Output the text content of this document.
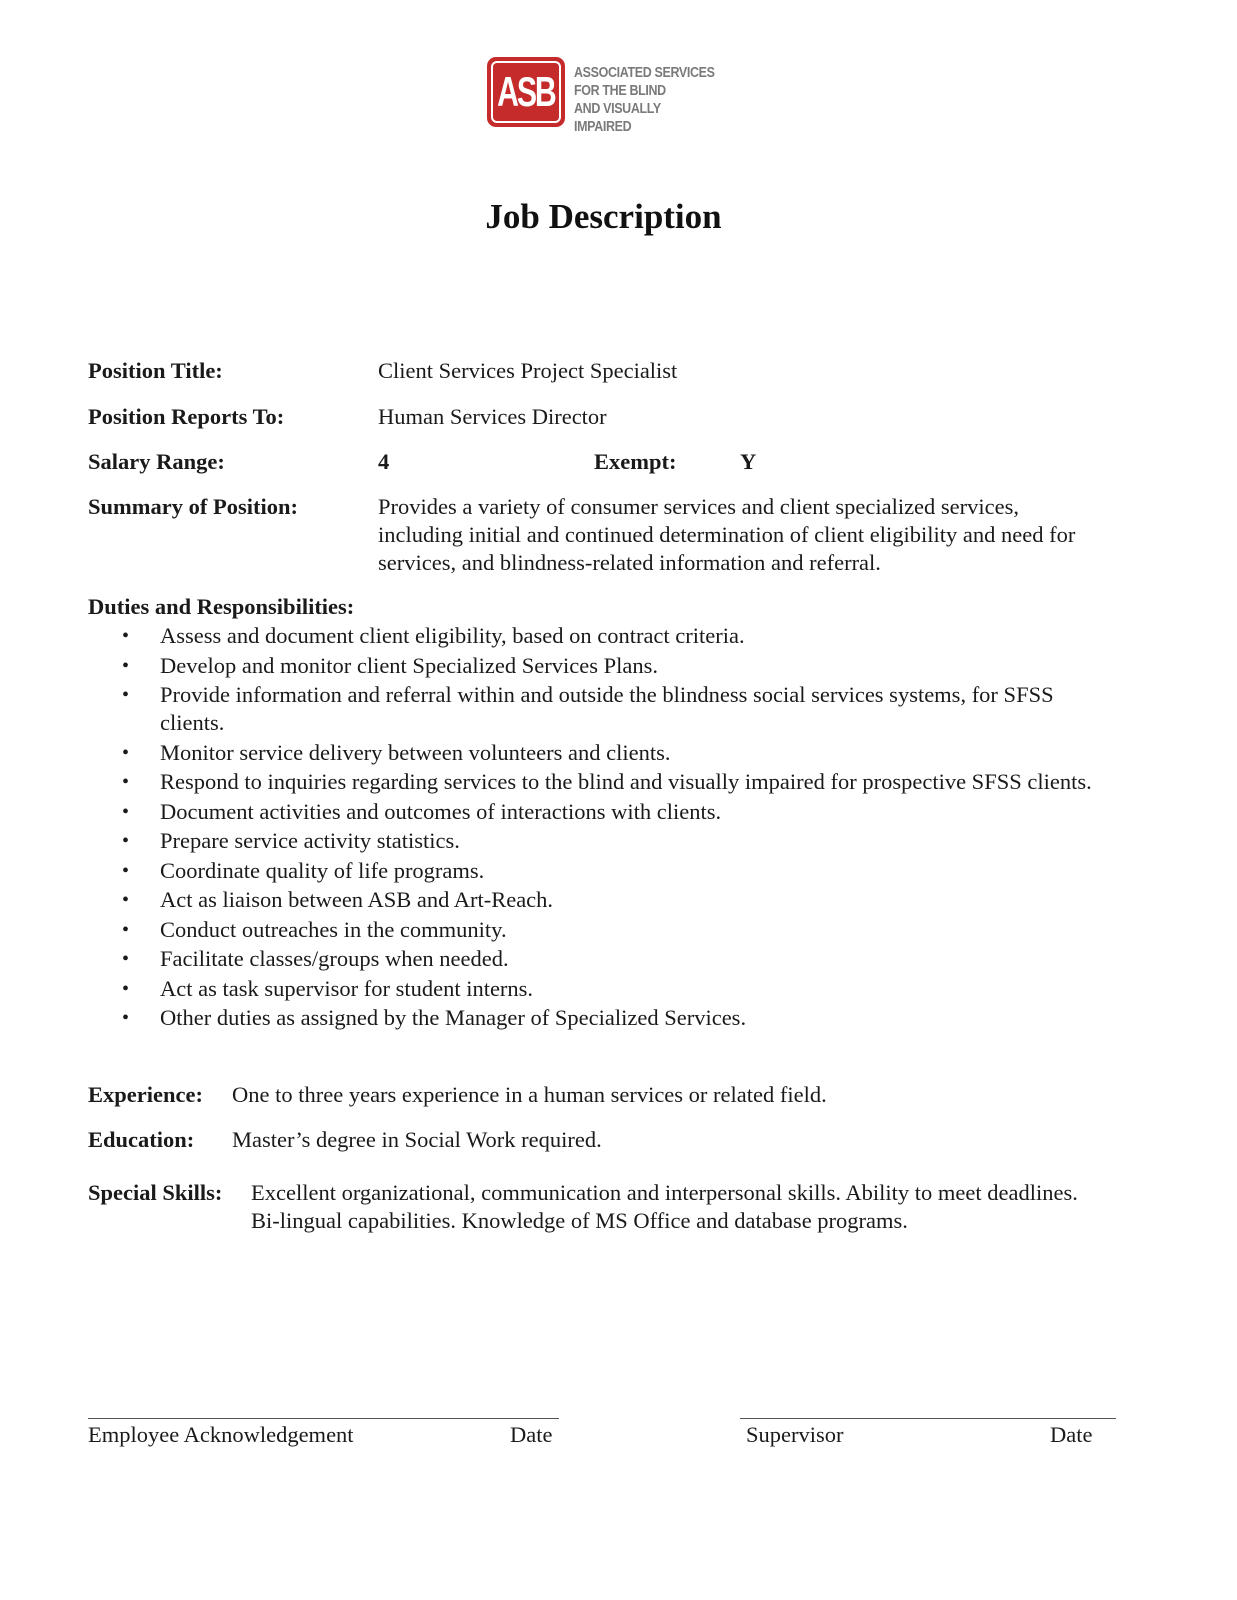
ASB ASSOCIATED SERVICES
FOR THE BLIND
AND VISUALLY IMPAIRED
Job Description
Position Title:	Client Services Project Specialist
Position Reports To:	Human Services Director
Salary Range:	4	Exempt:	Y
Summary of Position:	Provides a variety of consumer services and client specialized services, including initial and continued determination of client eligibility and need for services, and blindness-related information and referral.
Duties and Responsibilities:
• Assess and document client eligibility, based on contract criteria.
• Develop and monitor client Specialized Services Plans.
• Provide information and referral within and outside the blindness social services systems, for SFSS clients.
• Monitor service delivery between volunteers and clients.
• Respond to inquiries regarding services to the blind and visually impaired for prospective SFSS clients.
• Document activities and outcomes of interactions with clients.
• Prepare service activity statistics.
• Coordinate quality of life programs.
• Act as liaison between ASB and Art-Reach.
• Conduct outreaches in the community.
• Facilitate classes/groups when needed.
• Act as task supervisor for student interns.
• Other duties as assigned by the Manager of Specialized Services.
Experience: One to three years experience in a human services or related field.
Education: Master’s degree in Social Work required.
Special Skills: Excellent organizational, communication and interpersonal skills. Ability to meet deadlines. Bi-lingual capabilities. Knowledge of MS Office and database programs.
Employee Acknowledgement	Date	Supervisor	Date
